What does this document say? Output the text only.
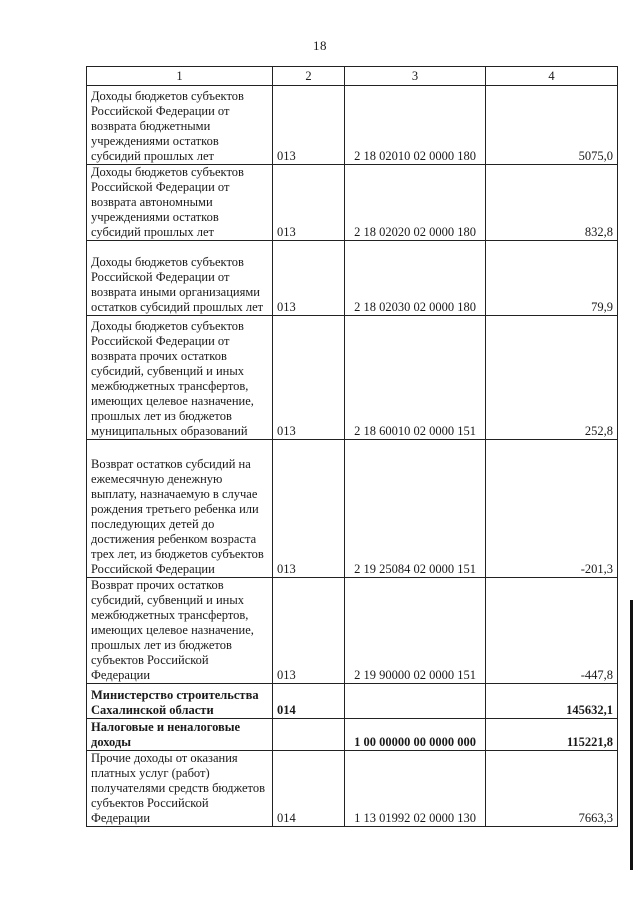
18
1	2	3	4
Доходы бюджетов субъектов Российской Федерации от возврата бюджетными учреждениями остатков субсидий прошлых лет	013	2 18 02010 02 0000 180	5075,0
Доходы бюджетов субъектов Российской Федерации от возврата автономными учреждениями остатков субсидий прошлых лет	013	2 18 02020 02 0000 180	832,8
Доходы бюджетов субъектов Российской Федерации от возврата иными организациями остатков субсидий прошлых лет	013	2 18 02030 02 0000 180	79,9
Доходы бюджетов субъектов Российской Федерации от возврата прочих остатков субсидий, субвенций и иных межбюджетных трансфертов, имеющих целевое назначение, прошлых лет из бюджетов муниципальных образований	013	2 18 60010 02 0000 151	252,8
Возврат остатков субсидий на ежемесячную денежную выплату, назначаемую в случае рождения третьего ребенка или последующих детей до достижения ребенком возраста трех лет, из бюджетов субъектов Российской Федерации	013	2 19 25084 02 0000 151	-201,3
Возврат прочих остатков субсидий, субвенций и иных межбюджетных трансфертов, имеющих целевое назначение, прошлых лет из бюджетов субъектов Российской Федерации	013	2 19 90000 02 0000 151	-447,8
Министерство строительства Сахалинской области	014		145632,1
Налоговые и неналоговые доходы		1 00 00000 00 0000 000	115221,8
Прочие доходы от оказания платных услуг (работ) получателями средств бюджетов субъектов Российской Федерации	014	1 13 01992 02 0000 130	7663,3
